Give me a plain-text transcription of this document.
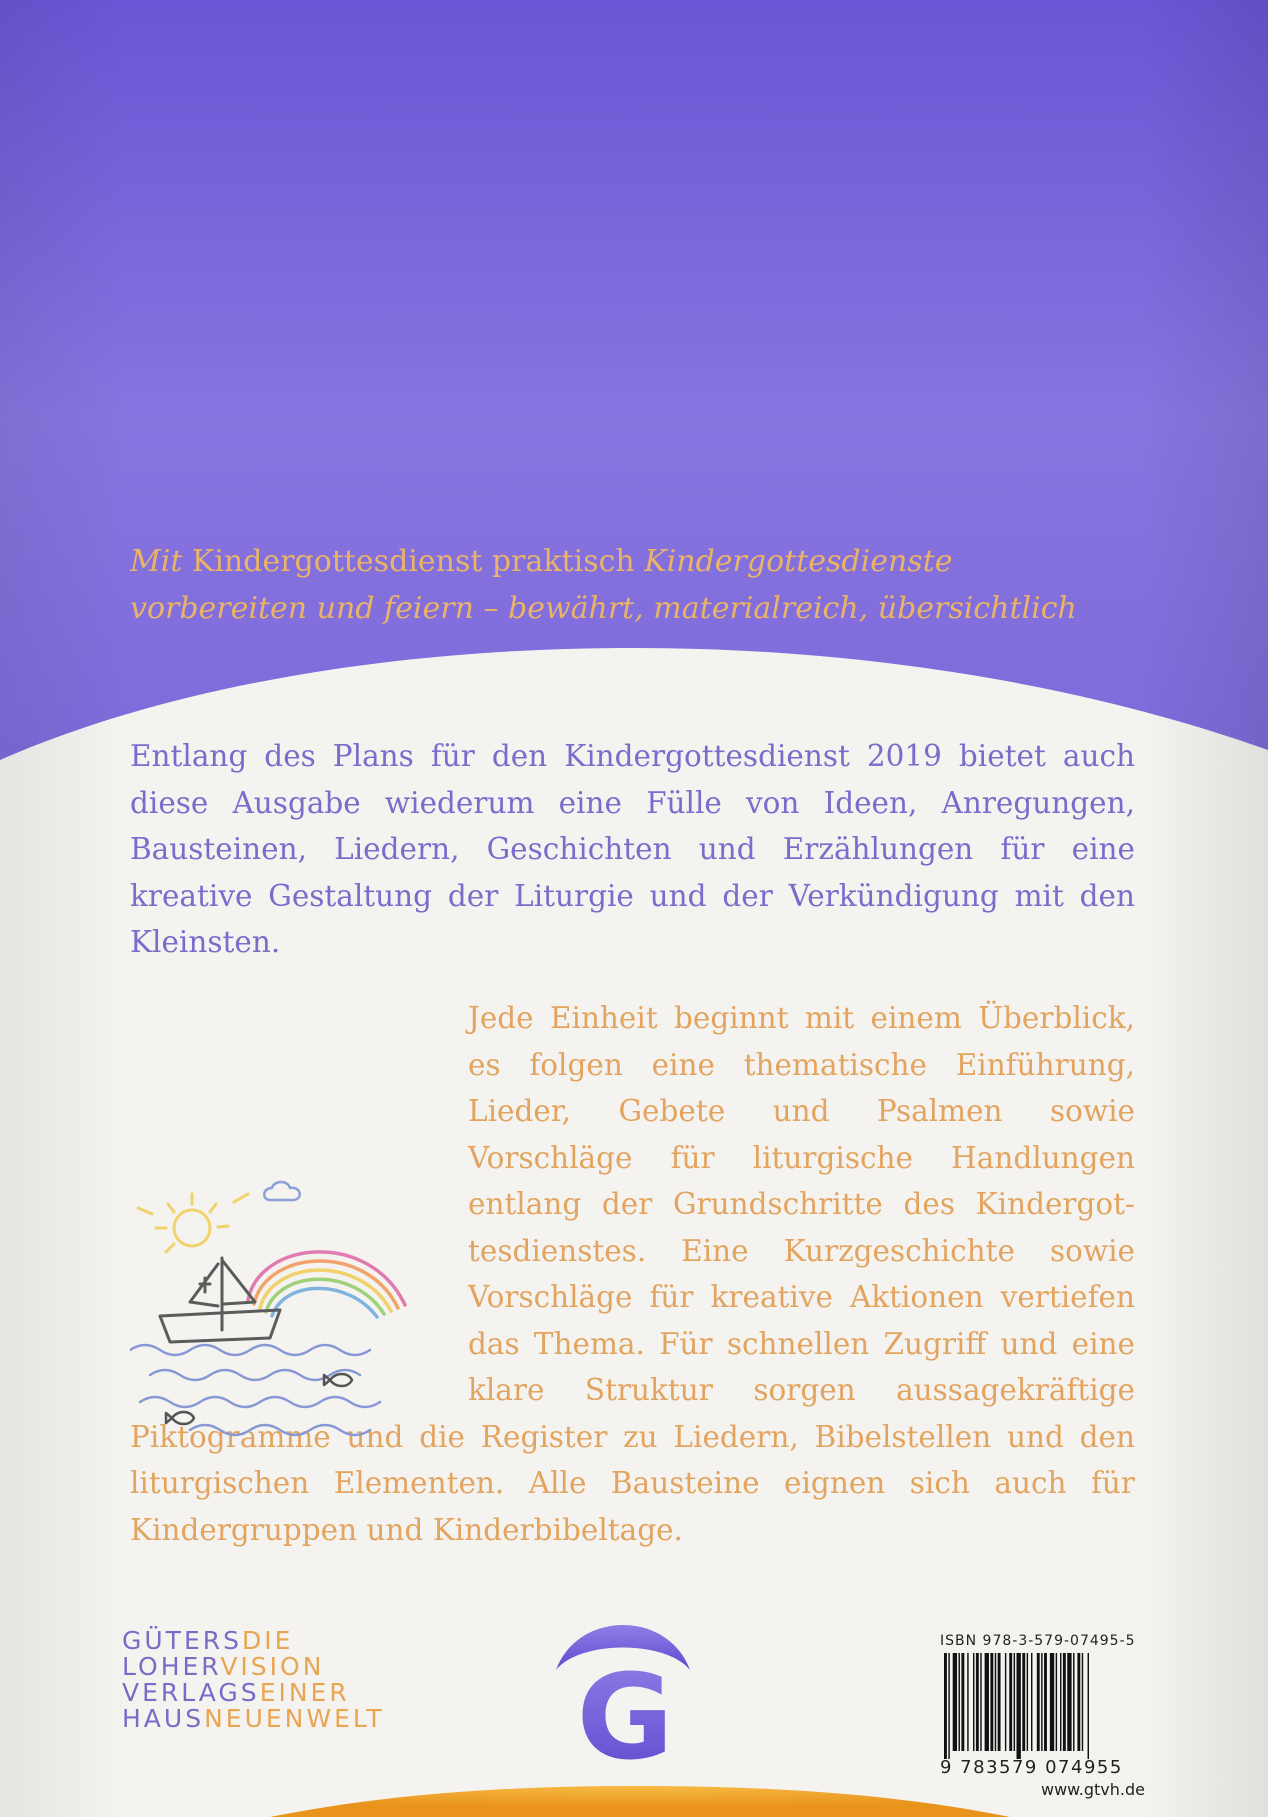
Mit Kindergottesdienst praktisch Kindergottesdienste
vorbereiten und feiern – bewährt, materialreich, übersichtlich
Entlang des Plans für den Kindergottesdienst 2019 bietet auch diese Ausgabe wiederum eine Fülle von Ideen, Anregungen, Bausteinen, Liedern, Geschichten und Erzählungen für eine kreative Gestaltung der Liturgie und der Verkündigung mit den Kleinsten.
Jede Einheit beginnt mit einem Überblick, es folgen eine thematische Einführung, Lieder, Gebete und Psalmen sowie Vorschläge für liturgische Handlungen entlang der Grundschritte des Kindergottesdienstes. Eine Kurzgeschichte sowie Vorschläge für kreative Aktionen vertiefen das Thema. Für schnellen Zugriff und eine klare Struktur sorgen aussagekräftige Piktogramme und die Register zu Liedern, Bibelstellen und den liturgischen Elementen. Alle Bausteine eignen sich auch für Kindergruppen und Kinderbibeltage.
GÜTERSDIE
LOHERVISION
VERLAGSEINER
HAUSNEUENWELT G
ISBN 978-3-579-07495-5
9 783579 074955
www.gtvh.de
